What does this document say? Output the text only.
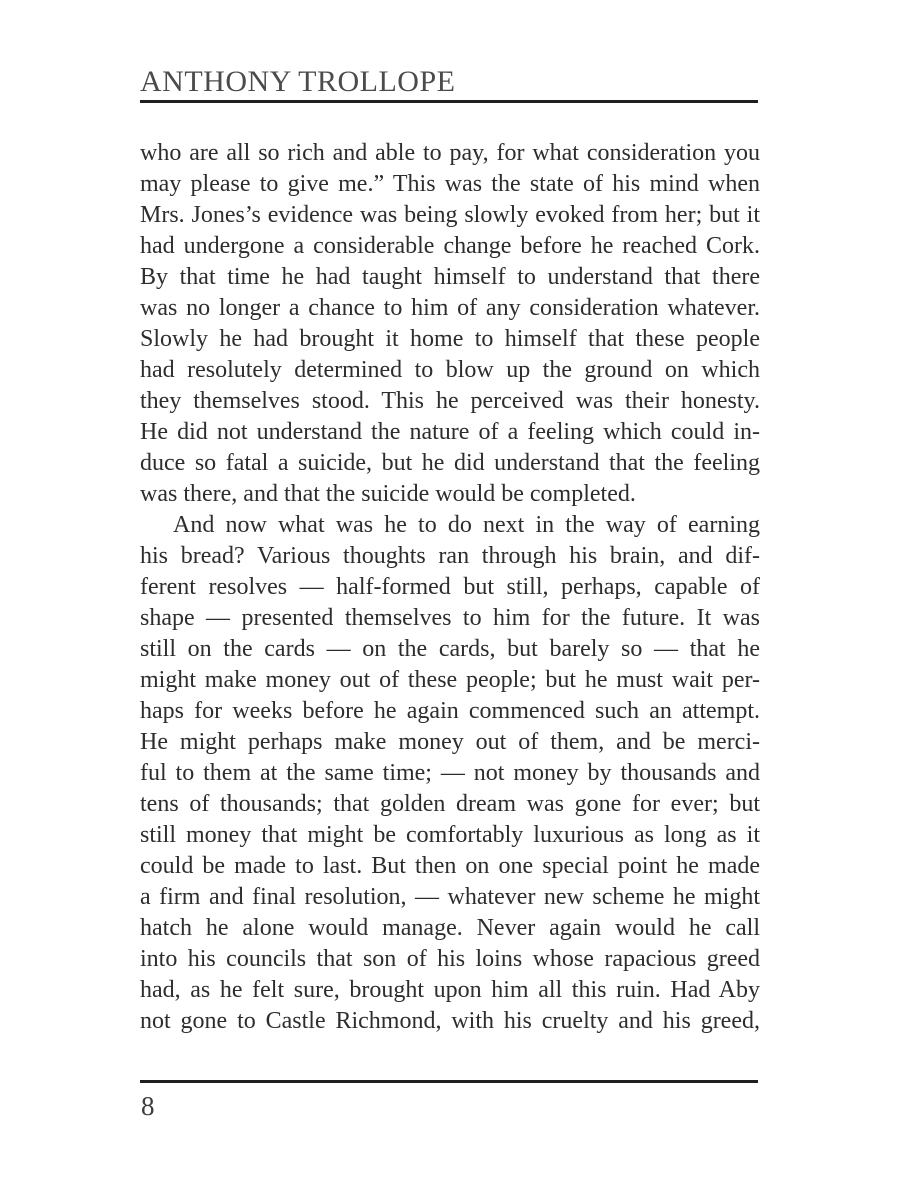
ANTHONY TROLLOPE
who are all so rich and able to pay, for what consideration you
may please to give me.” This was the state of his mind when
Mrs. Jones’s evidence was being slowly evoked from her; but it
had undergone a considerable change before he reached Cork.
By that time he had taught himself to understand that there
was no longer a chance to him of any consideration whatever.
Slowly he had brought it home to himself that these people
had resolutely determined to blow up the ground on which
they themselves stood. This he perceived was their honesty.
He did not understand the nature of a feeling which could in-
duce so fatal a suicide, but he did understand that the feeling
was there, and that the suicide would be completed.
And now what was he to do next in the way of earning
his bread? Various thoughts ran through his brain, and dif-
ferent resolves — half-formed but still, perhaps, capable of
shape — presented themselves to him for the future. It was
still on the cards — on the cards, but barely so — that he
might make money out of these people; but he must wait per-
haps for weeks before he again commenced such an attempt.
He might perhaps make money out of them, and be merci-
ful to them at the same time; — not money by thousands and
tens of thousands; that golden dream was gone for ever; but
still money that might be comfortably luxurious as long as it
could be made to last. But then on one special point he made
a firm and final resolution, — whatever new scheme he might
hatch he alone would manage. Never again would he call
into his councils that son of his loins whose rapacious greed
had, as he felt sure, brought upon him all this ruin. Had Aby
not gone to Castle Richmond, with his cruelty and his greed,
8
